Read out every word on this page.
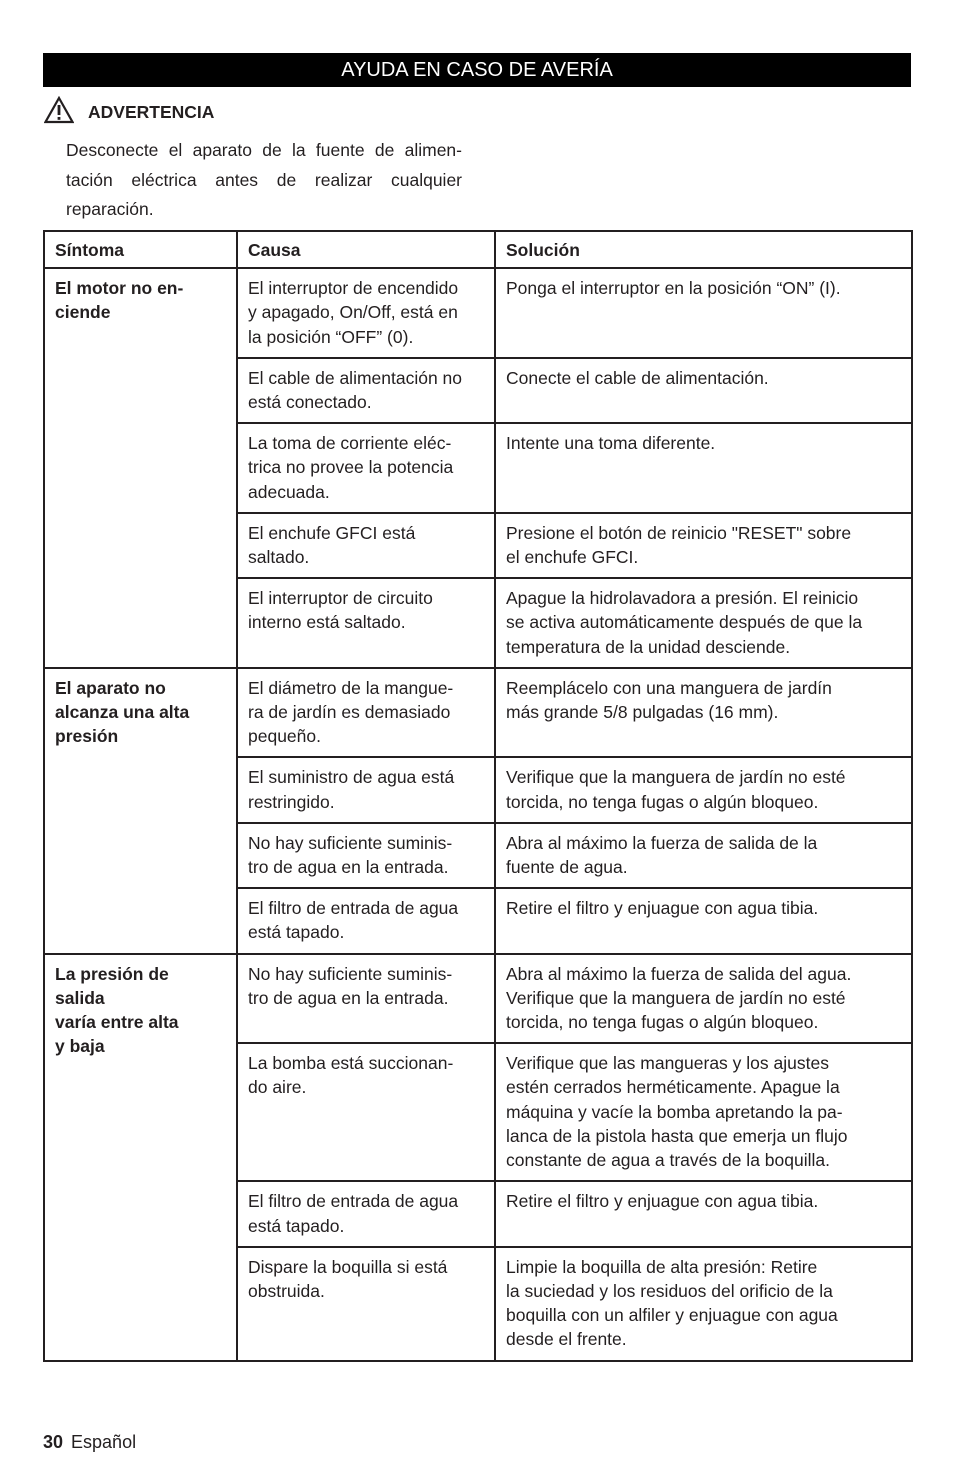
AYUDA EN CASO DE AVERÍA
ADVERTENCIA
Desconecte el aparato de la fuente de alimen-
tación eléctrica antes de realizar cualquier
reparación.
Síntoma	Causa	Solución

El motor no en-
ciende	El interruptor de encendido
y apagado, On/Off, está en
la posición “OFF” (0).	Ponga el interruptor en la posición “ON” (I).

	El cable de alimentación no
está conectado.	Conecte el cable de alimentación.

	La toma de corriente eléc-
trica no provee la potencia
adecuada.	Intente una toma diferente.

	El enchufe GFCI está
saltado.	Presione el botón de reinicio "RESET" sobre
el enchufe GFCI.

	El interruptor de circuito
interno está saltado.	Apague la hidrolavadora a presión. El reinicio
se activa automáticamente después de que la
temperatura de la unidad desciende.

El aparato no
alcanza una alta
presión	El diámetro de la mangue-
ra de jardín es demasiado
pequeño.	Reemplácelo con una manguera de jardín
más grande 5/8 pulgadas (16 mm).

	El suministro de agua está
restringido.	Verifique que la manguera de jardín no esté
torcida, no tenga fugas o algún bloqueo.

	No hay suficiente suminis-
tro de agua en la entrada.	Abra al máximo la fuerza de salida de la
fuente de agua.

	El filtro de entrada de agua
está tapado.	Retire el filtro y enjuague con agua tibia.

La presión de
salida
varía entre alta
y baja	No hay suficiente suminis-
tro de agua en la entrada.	Abra al máximo la fuerza de salida del agua.
Verifique que la manguera de jardín no esté
torcida, no tenga fugas o algún bloqueo.

	La bomba está succionan-
do aire.	Verifique que las mangueras y los ajustes
estén cerrados herméticamente. Apague la
máquina y vacíe la bomba apretando la pa-
lanca de la pistola hasta que emerja un flujo
constante de agua a través de la boquilla.

	El filtro de entrada de agua
está tapado.	Retire el filtro y enjuague con agua tibia.

	Dispare la boquilla si está
obstruida.	Limpie la boquilla de alta presión: Retire
la suciedad y los residuos del orificio de la
boquilla con un alfiler y enjuague con agua
desde el frente.
30 Español
